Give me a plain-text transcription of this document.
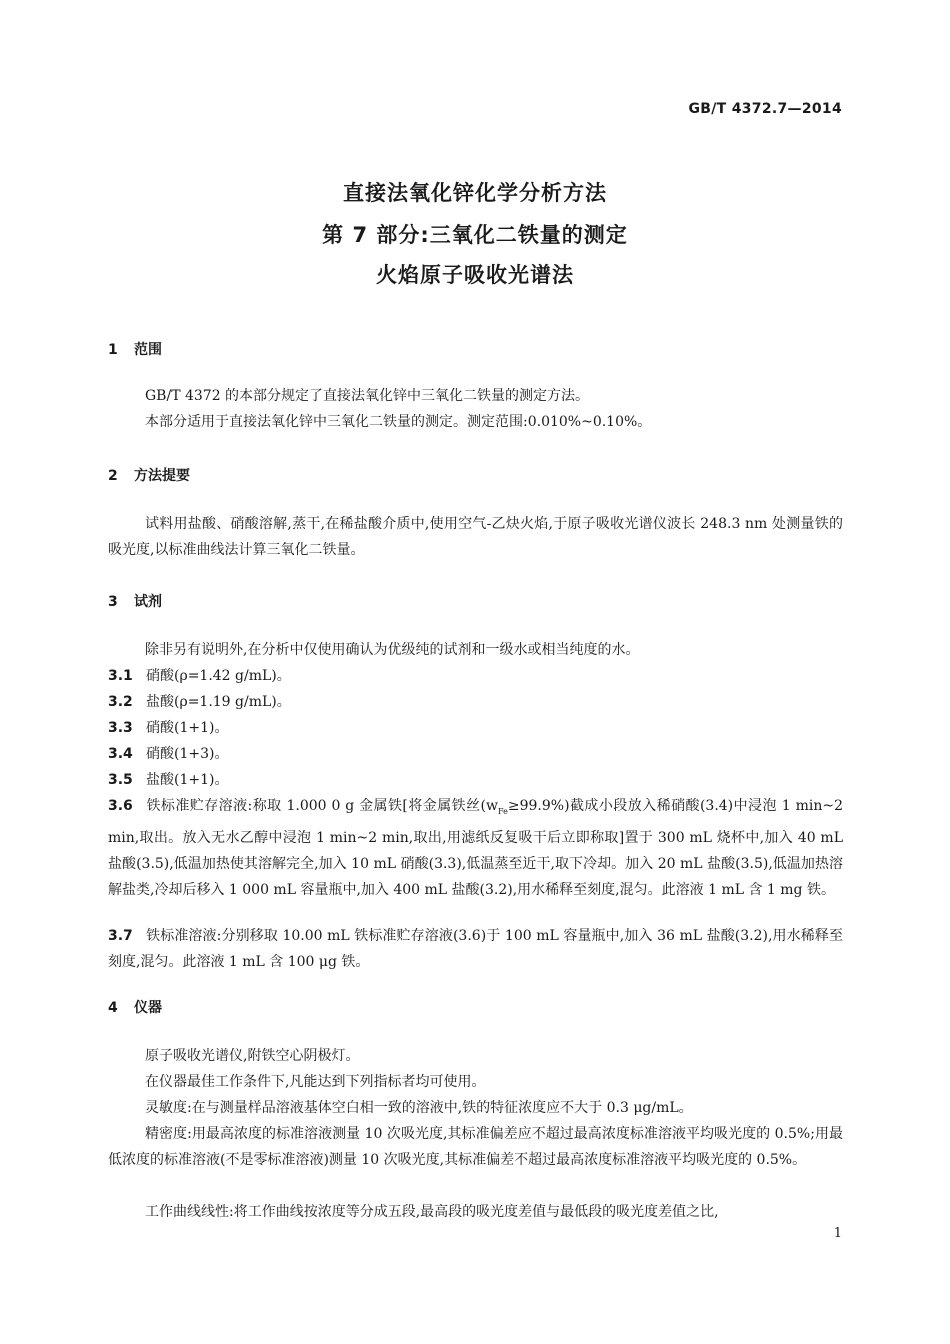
GB/T 4372.7—2014
直接法氧化锌化学分析方法
第 7 部分:三氧化二铁量的测定
火焰原子吸收光谱法
1 范围
GB/T 4372 的本部分规定了直接法氧化锌中三氧化二铁量的测定方法。
本部分适用于直接法氧化锌中三氧化二铁量的测定。测定范围:0.010%~0.10%。
2 方法提要
试料用盐酸、硝酸溶解,蒸干,在稀盐酸介质中,使用空气-乙炔火焰,于原子吸收光谱仪波长 248.3 nm 处测量铁的吸光度,以标准曲线法计算三氧化二铁量。
3 试剂
除非另有说明外,在分析中仅使用确认为优级纯的试剂和一级水或相当纯度的水。
3.1 硝酸(ρ=1.42 g/mL)。
3.2 盐酸(ρ=1.19 g/mL)。
3.3 硝酸(1+1)。
3.4 硝酸(1+3)。
3.5 盐酸(1+1)。
3.6 铁标准贮存溶液:称取 1.000 0 g 金属铁[将金属铁丝$(w_{Fe}\ge 99.9\%)$截成小段放入稀硝酸(3.4)中浸泡 1 min~2 min,取出。放入无水乙醇中浸泡 1 min~2 min,取出,用滤纸反复吸干后立即称取]置于 300 mL 烧杯中,加入 40 mL 盐酸(3.5),低温加热使其溶解完全,加入 10 mL 硝酸(3.3),低温蒸至近干,取下冷却。加入 20 mL 盐酸(3.5),低温加热溶解盐类,冷却后移入 1 000 mL 容量瓶中,加入 400 mL 盐酸(3.2),用水稀释至刻度,混匀。此溶液 1 mL 含 1 mg 铁。
3.7 铁标准溶液:分别移取 10.00 mL 铁标准贮存溶液(3.6)于 100 mL 容量瓶中,加入 36 mL 盐酸(3.2),用水稀释至刻度,混匀。此溶液 1 mL 含 100 μg 铁。
4 仪器
原子吸收光谱仪,附铁空心阴极灯。
在仪器最佳工作条件下,凡能达到下列指标者均可使用。
灵敏度:在与测量样品溶液基体空白相一致的溶液中,铁的特征浓度应不大于 0.3 μg/mL。
精密度:用最高浓度的标准溶液测量 10 次吸光度,其标准偏差应不超过最高浓度标准溶液平均吸光度的 0.5%;用最低浓度的标准溶液(不是零标准溶液)测量 10 次吸光度,其标准偏差不超过最高浓度标准溶液平均吸光度的 0.5%。
工作曲线线性:将工作曲线按浓度等分成五段,最高段的吸光度差值与最低段的吸光度差值之比,
1
